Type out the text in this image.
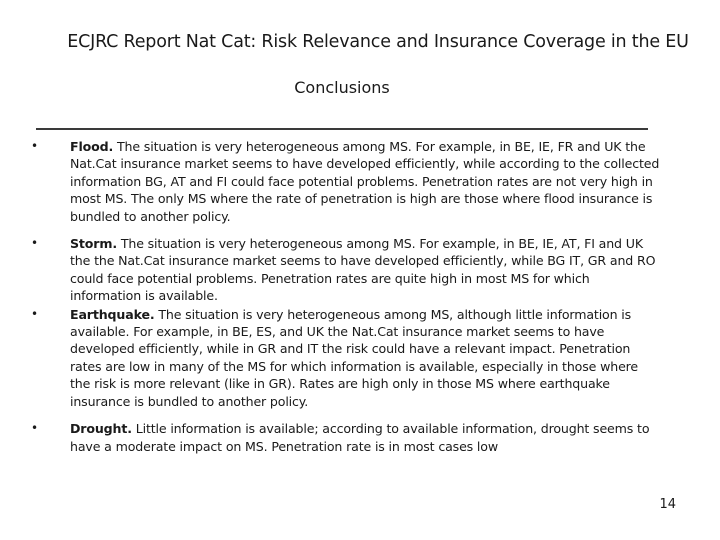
ECJRC Report Nat Cat: Risk Relevance and Insurance Coverage in the EU
Conclusions
•	Flood. The situation is very heterogeneous among MS. For example, in BE, IE, FR and UK the Nat.Cat insurance market seems to have developed efficiently, while according to the collected information BG, AT and FI could face potential problems. Penetration rates are not very high in most MS. The only MS where the rate of penetration is high are those where flood insurance is bundled to another policy.
•	Storm. The situation is very heterogeneous among MS. For example, in BE, IE, AT, FI and UK the the Nat.Cat insurance market seems to have developed efficiently, while BG IT, GR and RO could face potential problems. Penetration rates are quite high in most MS for which information is available.
•	Earthquake. The situation is very heterogeneous among MS, although little information is available. For example, in BE, ES, and UK the Nat.Cat insurance market seems to have developed efficiently, while in GR and IT the risk could have a relevant impact. Penetration rates are low in many of the MS for which information is available, especially in those where the risk is more relevant (like in GR). Rates are high only in those MS where earthquake insurance is bundled to another policy.
•	Drought. Little information is available; according to available information, drought seems to have a moderate impact on MS. Penetration rate is in most cases low
14
